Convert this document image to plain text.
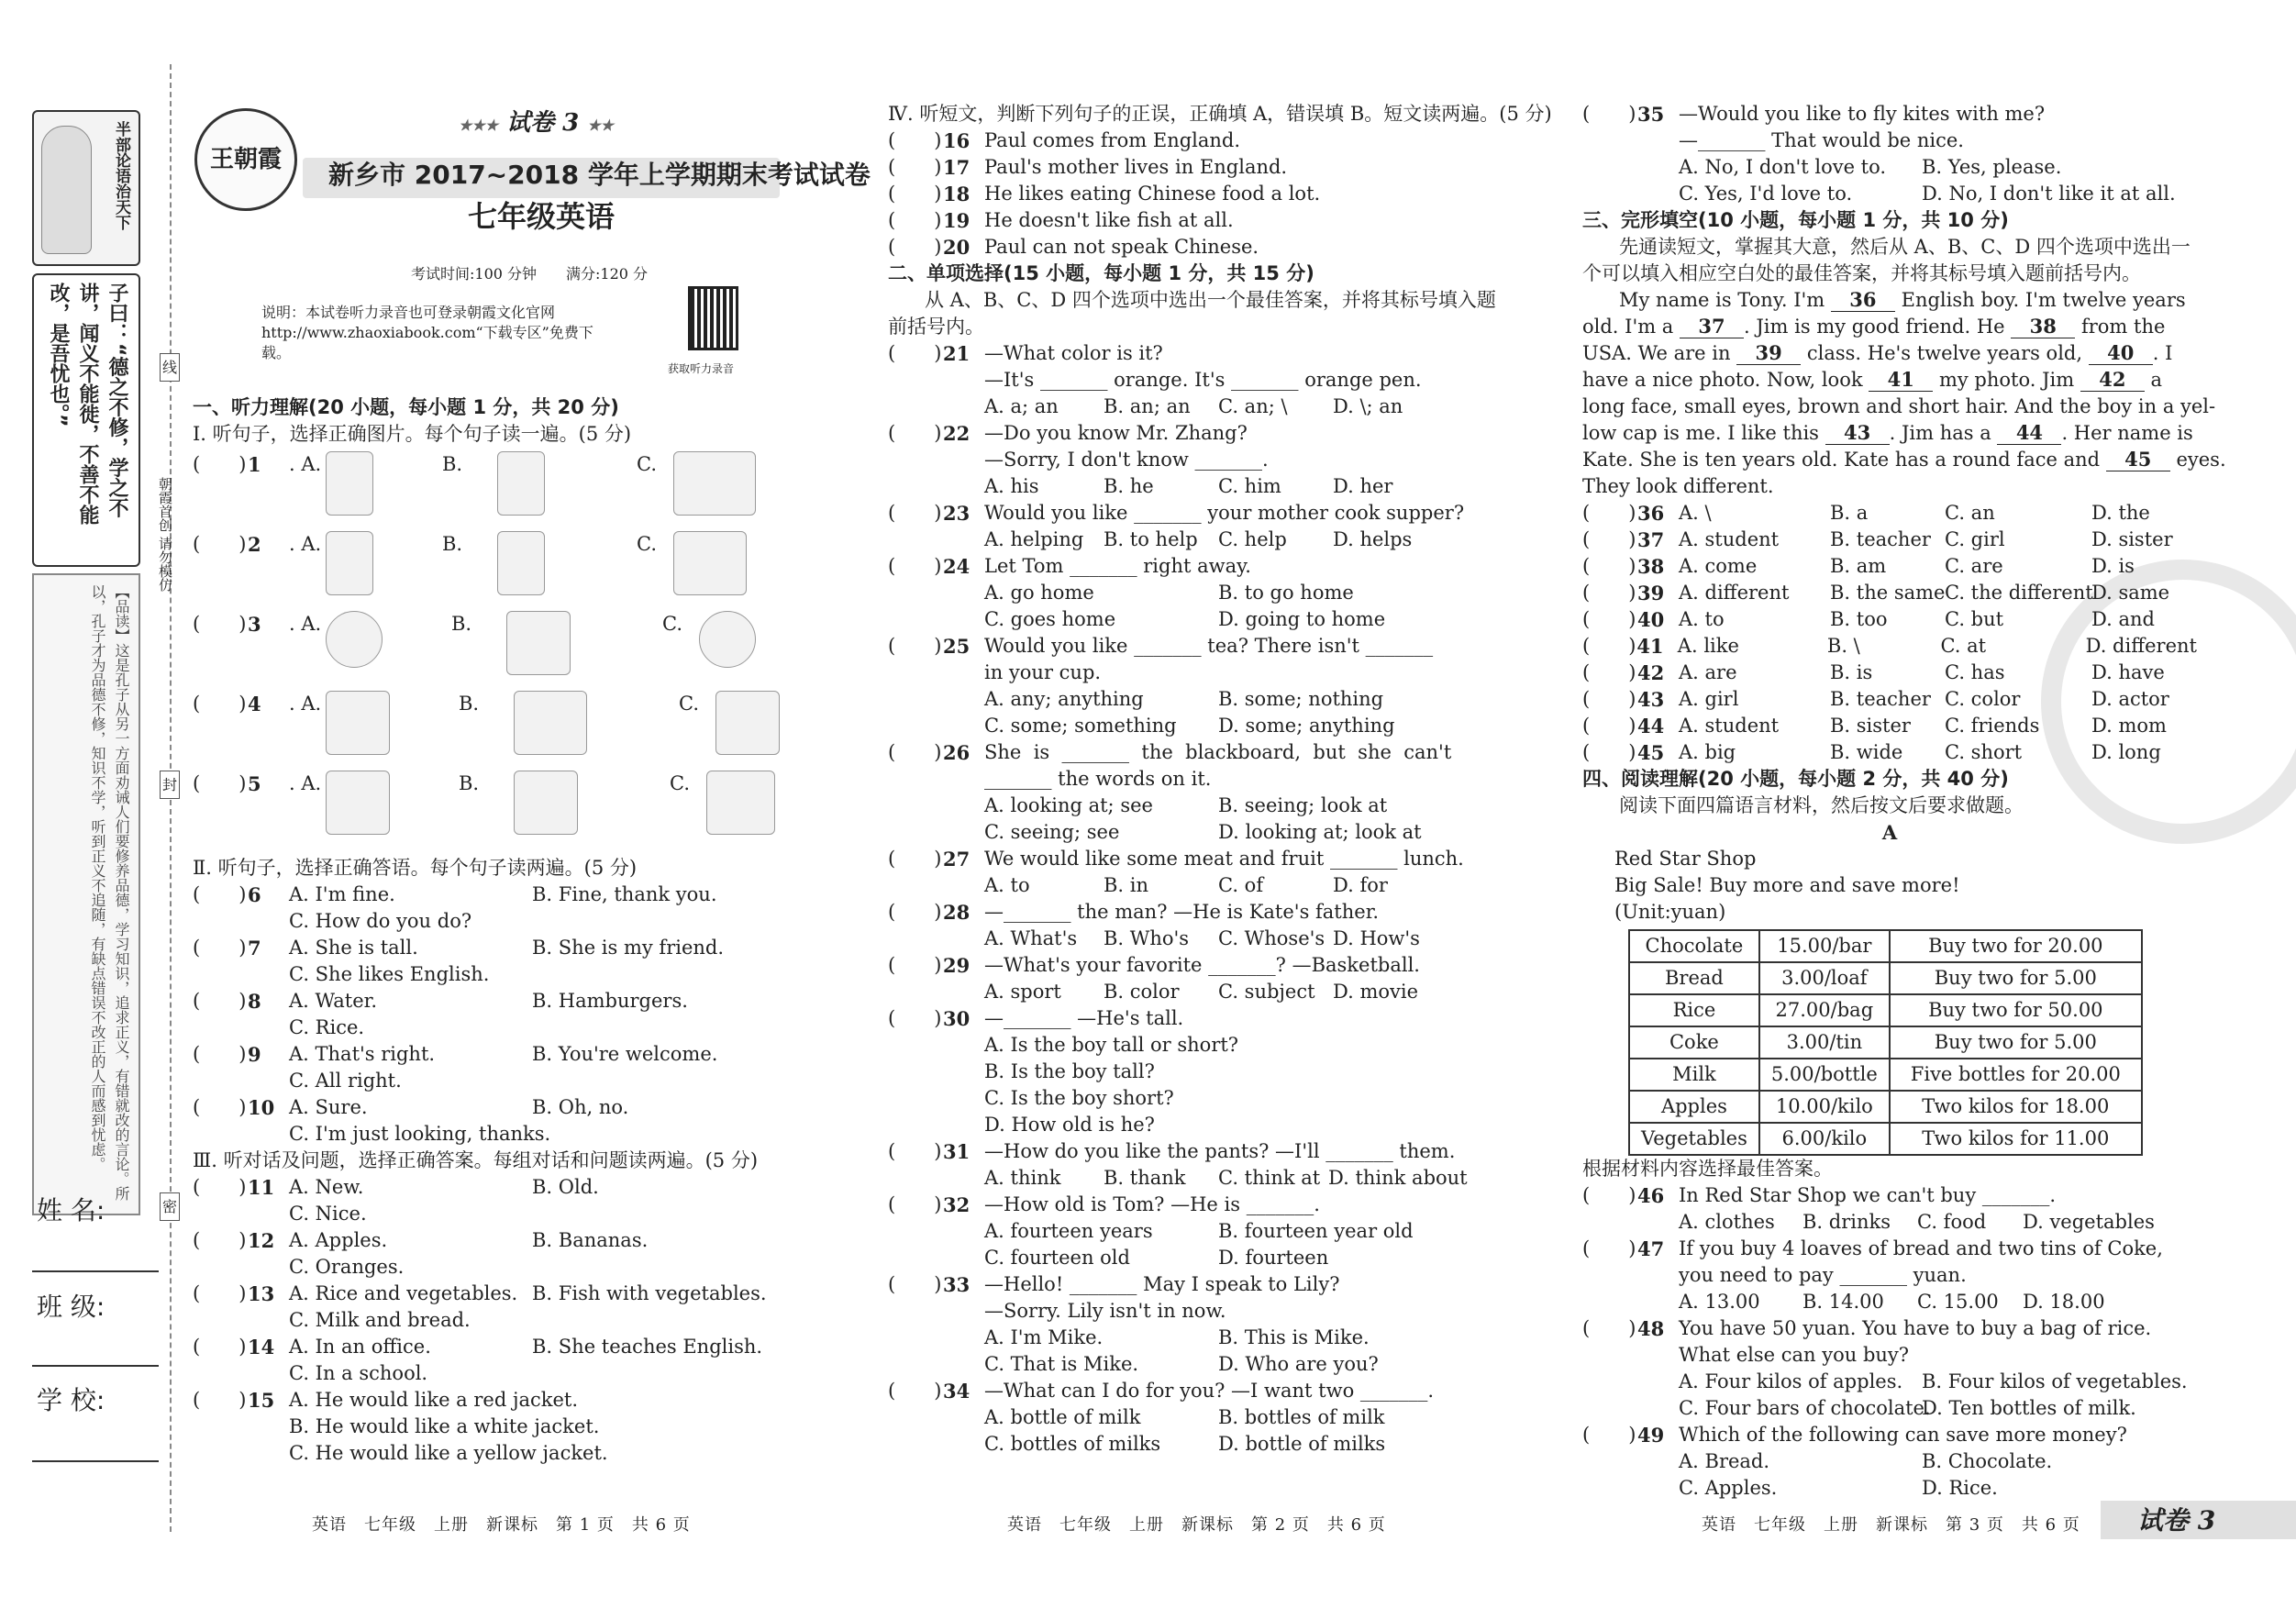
半部论语治天下
子曰：“德之不修，学之不讲，闻义不能徙，不善不能改，是吾忧也。”
【品读】这是孔子从另一方面劝诫人们要修养品德，学习知识，追求正义，有错就改的言论。所以，孔子才为品德不修，知识不学，听到正义不追随，有缺点错误不改正的人而感到忧虑。
姓 名:
班 级:
学 校:
朝霞首创 请勿模仿
线
封
密
王朝霞
★★★ 试卷 3 ★★
新乡市 2017~2018 学年上学期期末考试试卷
七年级英语
考试时间:100 分钟　　满分:120 分
说明：本试卷听力录音也可登录朝霞文化官网 http://www.zhaoxiabook.com“下载专区”免费下载。
获取听力录音
一、听力理解(20 小题，每小题 1 分，共 20 分)
Ⅰ. 听句子，选择正确图片。每个句子读一遍。(5 分)
(　　) 1	. A.	B.	C.
(　　) 2	. A.	B.	C.
(　　) 3	. A.	B.	C.
(　　) 4	. A.	B.	C.
(　　) 5	. A.	B.	C.
Ⅱ. 听句子，选择正确答语。每个句子读两遍。(5 分)
(　　) 6	A. I'm fine.	B. Fine, thank you.
C. How do you do?
(　　) 7	A. She is tall.	B. She is my friend.
C. She likes English.
(　　) 8	A. Water.	B. Hamburgers.
C. Rice.
(　　) 9	A. That's right.	B. You're welcome.
C. All right.
(　　) 10 A. Sure.	B. Oh, no.
C. I'm just looking, thanks.
Ⅲ. 听对话及问题，选择正确答案。每组对话和问题读两遍。(5 分)
(　　) 11 A. New.	B. Old.
C. Nice.
(　　) 12 A. Apples.	B. Bananas.
C. Oranges.
(　　) 13 A. Rice and vegetables. B. Fish with vegetables.
C. Milk and bread.
(　　) 14 A. In an office.	B. She teaches English.
C. In a school.
(　　) 15 A. He would like a red jacket.
B. He would like a white jacket.
C. He would like a yellow jacket.
英语　七年级　上册　新课标　第 1 页　共 6 页
Ⅳ. 听短文，判断下列句子的正误，正确填 A，错误填 B。短文读两遍。(5 分)
(　　) 16 Paul comes from England.
(　　) 17 Paul's mother lives in England.
(　　) 18 He likes eating Chinese food a lot.
(　　) 19 He doesn't like fish at all.
(　　) 20 Paul can not speak Chinese.
二、单项选择(15 小题，每小题 1 分，共 15 分)
从 A、B、C、D 四个选项中选出一个最佳答案，并将其标号填入题
前括号内。
(　　) 21 —What color is it?
—It's _______ orange. It's _______ orange pen.
A. a; an B. an; an C. an; \ D. \; an
(　　) 22 —Do you know Mr. Zhang?
—Sorry, I don't know _______.
A. his	B. he	C. him	D. her
(　　) 23 Would you like _______ your mother cook supper?
A. helping B. to help C. help D. helps
(　　) 24 Let Tom _______ right away.
A. go home	B. to go home
C. goes home	D. going to home
(　　) 25 Would you like _______ tea? There isn't _______
in your cup.
A. any; anything	B. some; nothing
C. some; something D. some; anything
(　　) 26 She  is  _______  the  blackboard,  but  she  can't
_______ the words on it.
A. looking at; see	B. seeing; look at
C. seeing; see	D. looking at; look at
(　　) 27 We would like some meat and fruit _______ lunch.
A. to	B. in	C. of	D. for
(　　) 28 —_______ the man? —He is Kate's father.
A. What's B. Who's C. Whose's D. How's
(　　) 29 —What's your favorite _______? —Basketball.
A. sport B. color C. subject D. movie
(　　) 30 —_______ —He's tall.
A. Is the boy tall or short?
B. Is the boy tall?
C. Is the boy short?
D. How old is he?
(　　) 31 —How do you like the pants? —I'll _______ them.
A. think B. thank C. think at D. think about
(　　) 32 —How old is Tom? —He is _______.
A. fourteen years	B. fourteen year old
C. fourteen old	D. fourteen
(　　) 33 —Hello! _______ May I speak to Lily?
—Sorry. Lily isn't in now.
A. I'm Mike.	B. This is Mike.
C. That is Mike.	D. Who are you?
(　　) 34 —What can I do for you? —I want two _______.
A. bottle of milk	B. bottles of milk
C. bottles of milks	D. bottle of milks
英语　七年级　上册　新课标　第 2 页　共 6 页
(　　) 35 —Would you like to fly kites with me?
—_______ That would be nice.
A. No, I don't love to. B. Yes, please.
C. Yes, I'd love to.	D. No, I don't like it at all.
三、完形填空(10 小题，每小题 1 分，共 10 分)
先通读短文，掌握其大意，然后从 A、B、C、D 四个选项中选出一
个可以填入相应空白处的最佳答案，并将其标号填入题前括号内。
My name is Tony. I'm 36 English boy. I'm twelve years
old. I'm a 37 . Jim is my good friend. He 38 from the
USA. We are in 39 class. He's twelve years old, 40 . I
have a nice photo. Now, look 41 my photo. Jim 42 a
long face, small eyes, brown and short hair. And the boy in a yel-
low cap is me. I like this 43 . Jim has a 44 . Her name is
Kate. She is ten years old. Kate has a round face and 45 eyes.
They look different.
(　　) 36 A. \	B. a	C. an	D. the
(　　) 37 A. student	B. teacher C. girl	D. sister
(　　) 38 A. come	B. am	C. are	D. is
(　　) 39 A. different	B. the same C. the different
D. same
(　　) 40 A. to	B. too	C. but	D. and
(　　) 41 A. like	B. \	C. at	D. different
(　　) 42 A. are	B. is	C. has	D. have
(　　) 43 A. girl	B. teacher C. color	D. actor
(　　) 44 A. student	B. sister	C. friends	D. mom
(　　) 45 A. big	B. wide	C. short	D. long
四、阅读理解(20 小题，每小题 2 分，共 40 分)
阅读下面四篇语言材料，然后按文后要求做题。
A
Red Star Shop
Big Sale! Buy more and save more!
(Unit:yuan)
Chocolate	15.00/bar	Buy two for 20.00
Bread	3.00/loaf	Buy two for 5.00
Rice	27.00/bag	Buy two for 50.00
Coke	3.00/tin	Buy two for 5.00
Milk	5.00/bottle	Five bottles for 20.00
Apples	10.00/kilo	Two kilos for 18.00
Vegetables	6.00/kilo	Two kilos for 11.00
根据材料内容选择最佳答案。
(　　) 46 In Red Star Shop we can't buy _______.
A. clothes B. drinks C. food D. vegetables
(　　) 47 If you buy 4 loaves of bread and two tins of Coke,
you need to pay _______ yuan.
A. 13.00 B. 14.00 C. 15.00 D. 18.00
(　　) 48 You have 50 yuan. You have to buy a bag of rice.
What else can you buy?
A. Four kilos of apples. B. Four kilos of vegetables.
C. Four bars of chocolate.D. Ten bottles of milk.
(　　) 49 Which of the following can save more money?
A. Bread.	B. Chocolate.
C. Apples.	D. Rice.
英语　七年级　上册　新课标　第 3 页　共 6 页 试卷 3
